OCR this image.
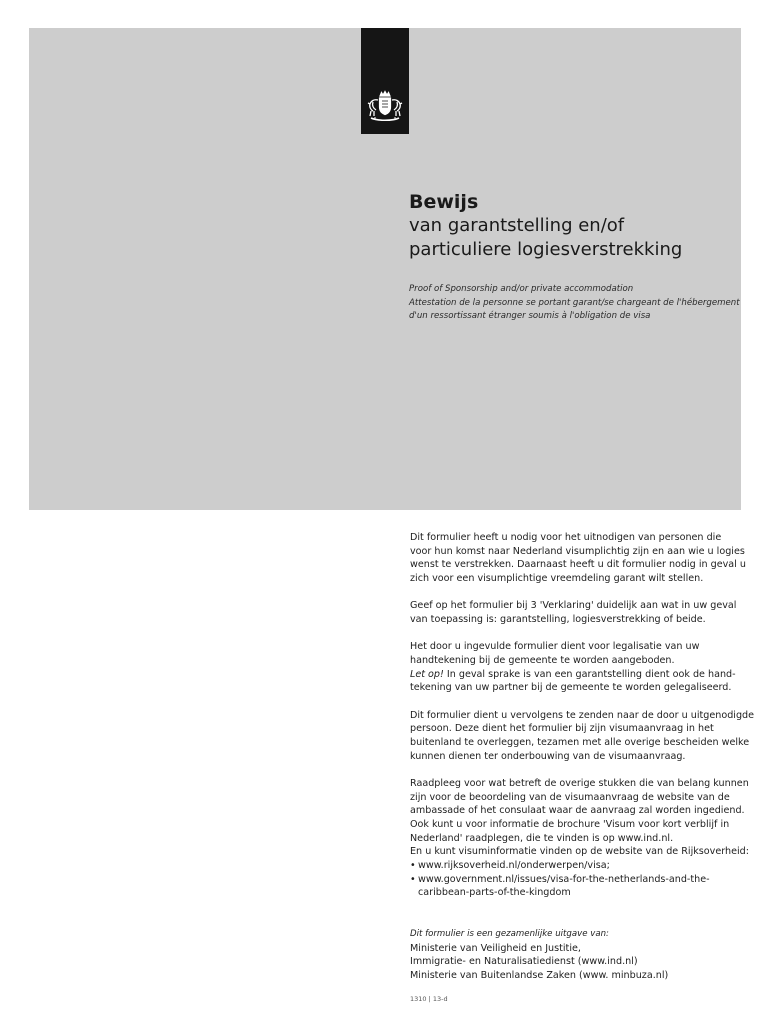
Bewijs
van garantstelling en/of
particuliere logiesverstrekking
Proof of Sponsorship and/or private accommodation
Attestation de la personne se portant garant/se chargeant de l'hébergement
d'un ressortissant étranger soumis à l'obligation de visa

Dit formulier heeft u nodig voor het uitnodigen van personen die
voor hun komst naar Nederland visumplichtig zijn en aan wie u logies
wenst te verstrekken. Daarnaast heeft u dit formulier nodig in geval u
zich voor een visumplichtige vreemdeling garant wilt stellen.

Geef op het formulier bij 3 'Verklaring' duidelijk aan wat in uw geval
van toepassing is: garantstelling, logiesverstrekking of beide.

Het door u ingevulde formulier dient voor legalisatie van uw
handtekening bij de gemeente te worden aangeboden.
Let op! In geval sprake is van een garantstelling dient ook de hand-
tekening van uw partner bij de gemeente te worden gelegaliseerd.

Dit formulier dient u vervolgens te zenden naar de door u uitgenodigde
persoon. Deze dient het formulier bij zijn visumaanvraag in het
buitenland te overleggen, tezamen met alle overige bescheiden welke
kunnen dienen ter onderbouwing van de visumaanvraag.

Raadpleeg voor wat betreft de overige stukken die van belang kunnen
zijn voor de beoordeling van de visumaanvraag de website van de
ambassade of het consulaat waar de aanvraag zal worden ingediend.
Ook kunt u voor informatie de brochure 'Visum voor kort verblijf in
Nederland' raadplegen, die te vinden is op www.ind.nl.
En u kunt visuminformatie vinden op de website van de Rijksoverheid:
• www.rijksoverheid.nl/onderwerpen/visa;
• www.government.nl/issues/visa-for-the-netherlands-and-the-
caribbean-parts-of-the-kingdom

Dit formulier is een gezamenlijke uitgave van:
Ministerie van Veiligheid en Justitie,
Immigratie- en Naturalisatiedienst (www.ind.nl)
Ministerie van Buitenlandse Zaken (www. minbuza.nl)
1310 | 13-d
